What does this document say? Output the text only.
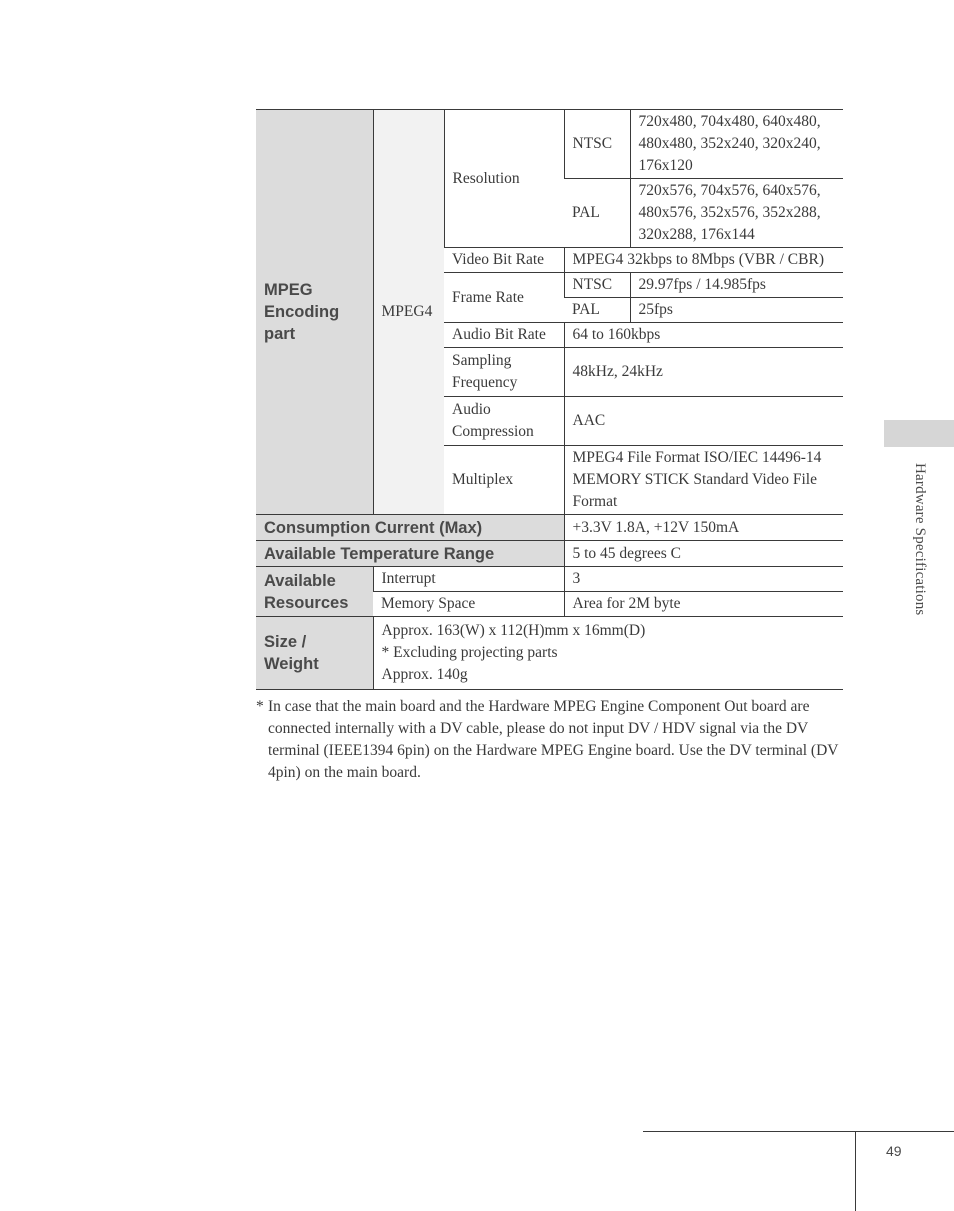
MPEG Encoding part	MPEG4	Resolution	NTSC	720x480, 704x480, 640x480, 480x480, 352x240, 320x240, 176x120
			PAL	720x576, 704x576, 640x576, 480x576, 352x576, 352x288, 320x288, 176x144
		Video Bit Rate	MPEG4 32kbps to 8Mbps (VBR / CBR)	
		Frame Rate	NTSC	29.97fps / 14.985fps
			PAL	25fps
		Audio Bit Rate	64 to 160kbps	
		Sampling Frequency	48kHz, 24kHz	
		Audio Compression	AAC	
		Multiplex	MPEG4 File Format ISO/IEC 14496-14 MEMORY STICK Standard Video File Format	

Consumption Current (Max)			+3.3V 1.8A, +12V 150mA	
Available Temperature Range			5 to 45 degrees C	
Available Resources	Interrupt		3	
	Memory Space		Area for 2M byte	
Size / Weight	Approx. 163(W) x 112(H)mm x 16mm(D)
* Excluding projecting parts
Approx. 140g			
* In case that the main board and the Hardware MPEG Engine Component Out board are connected internally with a DV cable, please do not input DV / HDV signal via the DV terminal (IEEE1394 6pin) on the Hardware MPEG Engine board. Use the DV terminal (DV 4pin) on the main board.
Hardware Specifications
49
